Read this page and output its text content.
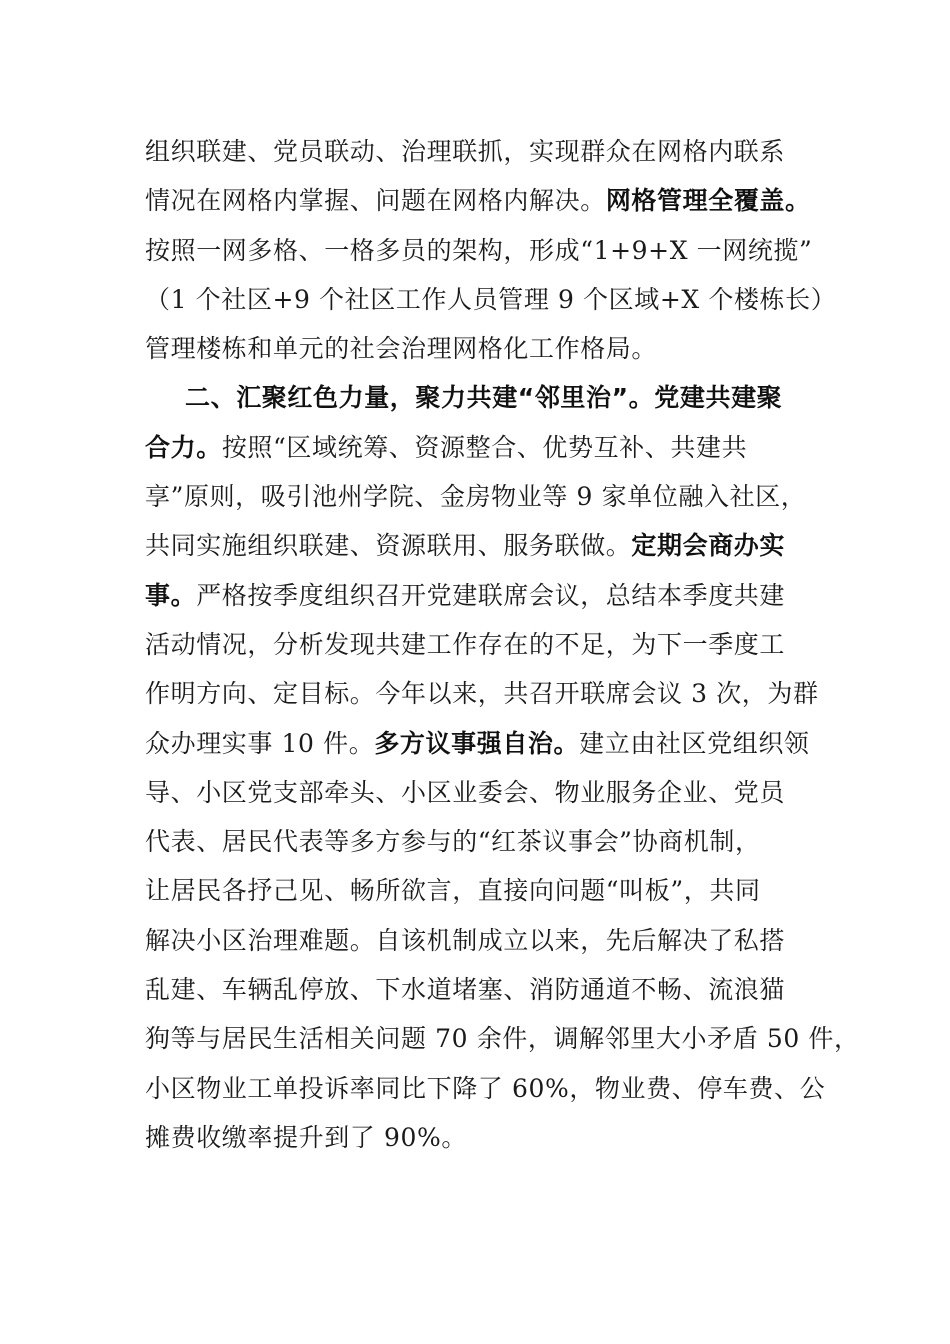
组织联建、党员联动、治理联抓，实现群众在网格内联系
情况在网格内掌握、问题在网格内解决。网格管理全覆盖。
按照一网多格、一格多员的架构，形成“1+9+X 一网统揽”
（1 个社区+9 个社区工作人员管理 9 个区域+X 个楼栋长）
管理楼栋和单元的社会治理网格化工作格局。
二、汇聚红色力量，聚力共建“邻里治”。党建共建聚
合力。按照“区域统筹、资源整合、优势互补、共建共
享”原则，吸引池州学院、金房物业等 9 家单位融入社区，
共同实施组织联建、资源联用、服务联做。定期会商办实
事。严格按季度组织召开党建联席会议，总结本季度共建
活动情况，分析发现共建工作存在的不足，为下一季度工
作明方向、定目标。今年以来，共召开联席会议 3 次，为群
众办理实事 10 件。多方议事强自治。建立由社区党组织领
导、小区党支部牵头、小区业委会、物业服务企业、党员
代表、居民代表等多方参与的“红茶议事会”协商机制，
让居民各抒己见、畅所欲言，直接向问题“叫板”，共同
解决小区治理难题。自该机制成立以来，先后解决了私搭
乱建、车辆乱停放、下水道堵塞、消防通道不畅、流浪猫
狗等与居民生活相关问题 70 余件，调解邻里大小矛盾 50 件，
小区物业工单投诉率同比下降了 60%，物业费、停车费、公
摊费收缴率提升到了 90%。
